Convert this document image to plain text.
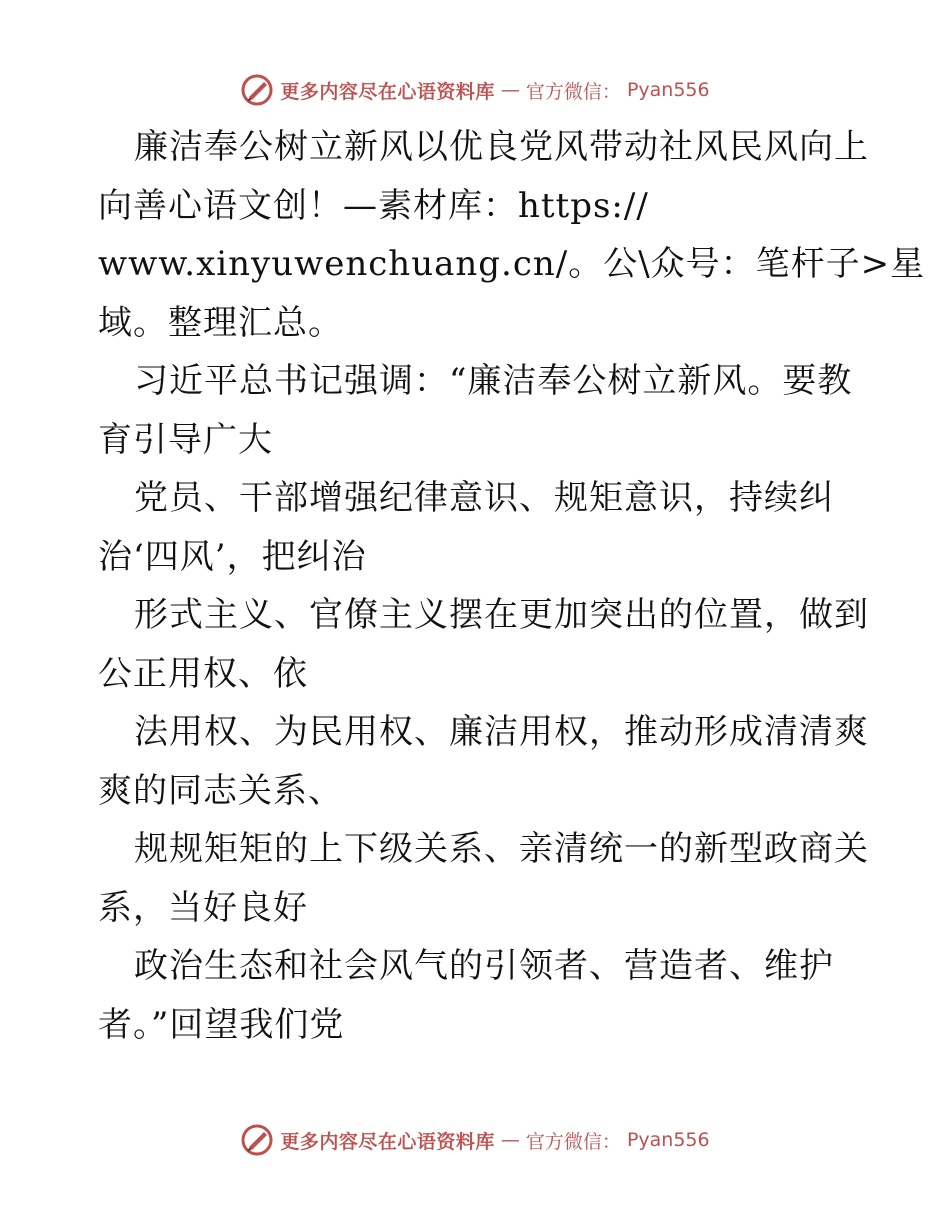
更多内容尽在心语资料库 — 官方微信： Pyan556
廉洁奉公树立新风以优良党风带动社风民风向上
向善心语文创！—素材库：https://
www.xinyuwenchuang.cn/。公\众号：笔杆子>星
域。整理汇总。
习近平总书记强调：“廉洁奉公树立新风。要教
育引导广大
党员、干部增强纪律意识、规矩意识，持续纠
治‘四风’，把纠治
形式主义、官僚主义摆在更加突出的位置，做到
公正用权、依
法用权、为民用权、廉洁用权，推动形成清清爽
爽的同志关系、
规规矩矩的上下级关系、亲清统一的新型政商关
系，当好良好
政治生态和社会风气的引领者、营造者、维护
者。”回望我们党
更多内容尽在心语资料库 — 官方微信： Pyan556
